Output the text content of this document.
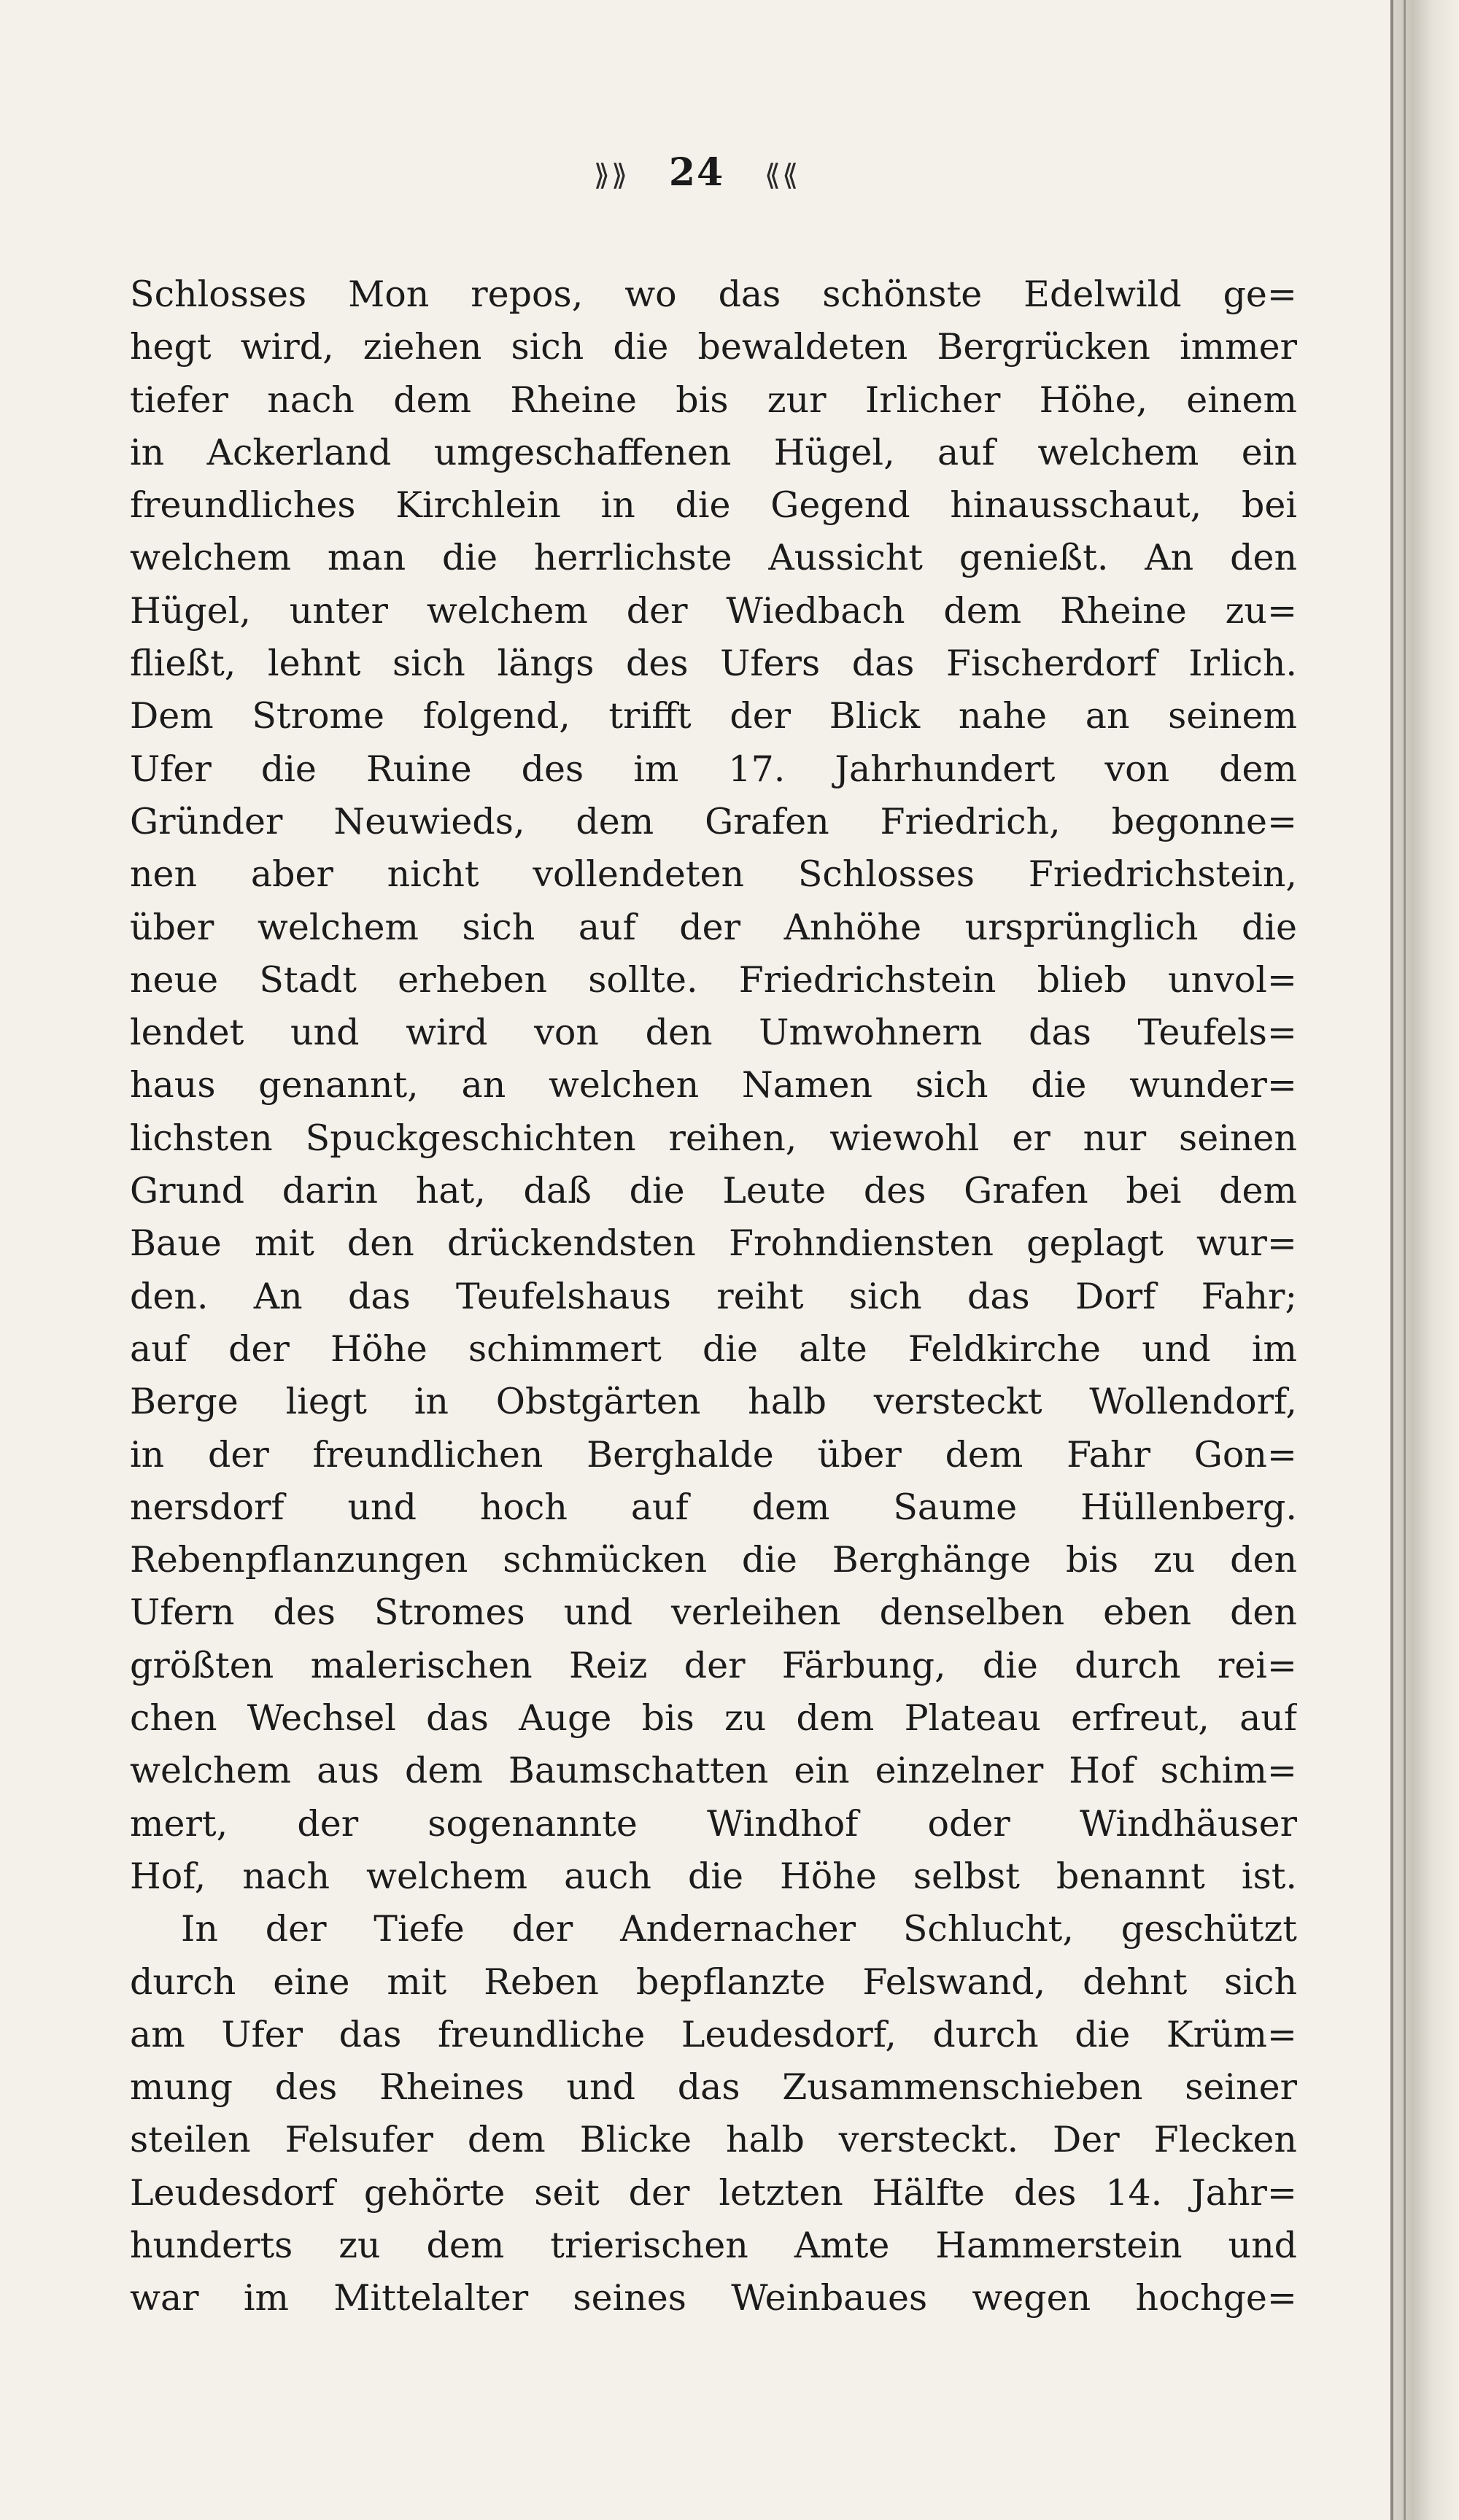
⟫⟫ 24 ⟪⟪
Schlosses Mon repos, wo das schönste Edelwild ge=
hegt wird, ziehen sich die bewaldeten Bergrücken immer
tiefer nach dem Rheine bis zur Irlicher Höhe, einem
in Ackerland umgeschaffenen Hügel, auf welchem ein
freundliches Kirchlein in die Gegend hinausschaut, bei
welchem man die herrlichste Aussicht genießt. An den
Hügel, unter welchem der Wiedbach dem Rheine zu=
fließt, lehnt sich längs des Ufers das Fischerdorf Irlich.
Dem Strome folgend, trifft der Blick nahe an seinem
Ufer die Ruine des im 17. Jahrhundert von dem
Gründer Neuwieds, dem Grafen Friedrich, begonne=
nen aber nicht vollendeten Schlosses Friedrichstein,
über welchem sich auf der Anhöhe ursprünglich die
neue Stadt erheben sollte. Friedrichstein blieb unvol=
lendet und wird von den Umwohnern das Teufels=
haus genannt, an welchen Namen sich die wunder=
lichsten Spuckgeschichten reihen, wiewohl er nur seinen
Grund darin hat, daß die Leute des Grafen bei dem
Baue mit den drückendsten Frohndiensten geplagt wur=
den. An das Teufelshaus reiht sich das Dorf Fahr;
auf der Höhe schimmert die alte Feldkirche und im
Berge liegt in Obstgärten halb versteckt Wollendorf,
in der freundlichen Berghalde über dem Fahr Gon=
nersdorf und hoch auf dem Saume Hüllenberg.
Rebenpflanzungen schmücken die Berghänge bis zu den
Ufern des Stromes und verleihen denselben eben den
größten malerischen Reiz der Färbung, die durch rei=
chen Wechsel das Auge bis zu dem Plateau erfreut, auf
welchem aus dem Baumschatten ein einzelner Hof schim=
mert, der sogenannte Windhof oder Windhäuser
Hof, nach welchem auch die Höhe selbst benannt ist.
In der Tiefe der Andernacher Schlucht, geschützt
durch eine mit Reben bepflanzte Felswand, dehnt sich
am Ufer das freundliche Leudesdorf, durch die Krüm=
mung des Rheines und das Zusammenschieben seiner
steilen Felsufer dem Blicke halb versteckt. Der Flecken
Leudesdorf gehörte seit der letzten Hälfte des 14. Jahr=
hunderts zu dem trierischen Amte Hammerstein und
war im Mittelalter seines Weinbaues wegen hochge=
